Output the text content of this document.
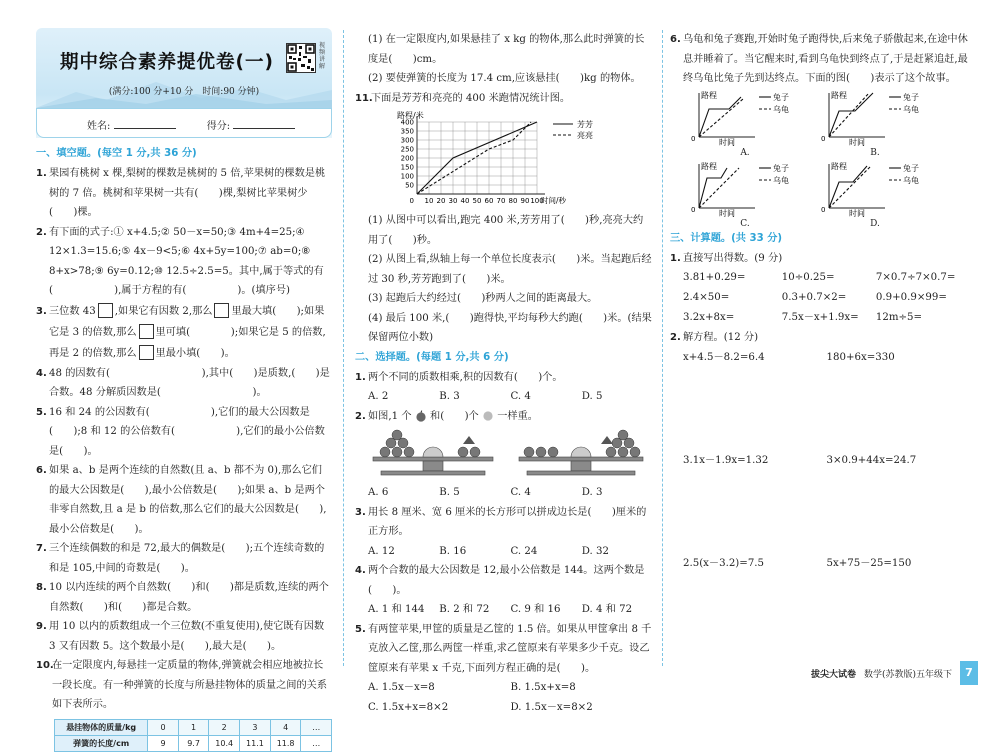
期中综合素养提优卷(一)
视频讲解
(满分:100 分+10 分　时间:90 分钟)
姓名:	得分:
一、填空题。(每空 1 分,共 36 分)
1. 果园有桃树 x 棵,梨树的棵数是桃树的 5 倍,苹果树的棵数是桃树的 7 倍。桃树和苹果树一共有(　　)棵,梨树比苹果树少(　　)棵。
2. 有下面的式子:① x+4.5;② 50－x=50;③ 4m+4=25;④ 12×1.3=15.6;⑤ 4x－9<5;⑥ 4x+5y=100;⑦ ab=0;⑧ 8+x>78;⑨ 6y=0.12;⑩ 12.5÷2.5=5。其中,属于等式的有(　　　　　　),属于方程的有(　　　　　)。(填序号)
3. 三位数 43 ,如果它有因数 2,那么 里最大填(　　);如果它是 3 的倍数,那么 里可填(　　　　);如果它是 5 的倍数,再是 2 的倍数,那么 里最小填(　　)。
4. 48 的因数有(　　　　　　　　　),其中(　　)是质数,(　　)是合数。48 分解质因数是(　　　　　　　　　)。
5. 16 和 24 的公因数有(　　　　　　),它们的最大公因数是(　　);8 和 12 的公倍数有(　　　　　　),它们的最小公倍数是(　　)。
6. 如果 a、b 是两个连续的自然数(且 a、b 都不为 0),那么它们的最大公因数是(　　),最小公倍数是(　　);如果 a、b 是两个非零自然数,且 a 是 b 的倍数,那么它们的最大公因数是(　　),最小公倍数是(　　)。
7. 三个连续偶数的和是 72,最大的偶数是(　　);五个连续奇数的和是 105,中间的奇数是(　　)。
8. 10 以内连续的两个自然数(　　)和(　　)都是质数,连续的两个自然数(　　)和(　　)都是合数。
9. 用 10 以内的质数组成一个三位数(不重复使用),使它既有因数 3 又有因数 5。这个数最小是(　　),最大是(　　)。
10.
在一定限度内,每悬挂一定质量的物体,弹簧就会相应地被拉长一段长度。有一种弹簧的长度与所悬挂物体的质量之间的关系如下表所示。
悬挂物体的质量/kg	0	1	2	3	4	…
弹簧的长度/cm	9	9.7	10.4	11.1	11.8	…
(1) 在一定限度内,如果悬挂了 x kg 的物体,那么此时弹簧的长度是(　　)cm。
(2) 要使弹簧的长度为 17.4 cm,应该悬挂(　　)kg 的物体。
11.
下面是芳芳和亮亮的 400 米跑情况统计图。
10 20 30 40 50 60 70 80 90 100
50
100
150
200
250
300
350
400
0
路程/米
时间/秒
芳芳
亮亮
(1) 从图中可以看出,跑完 400 米,芳芳用了(　　)秒,亮亮大约用了(　　)秒。
(2) 从图上看,纵轴上每一个单位长度表示(　　)米。当起跑后经过 30 秒,芳芳跑到了(　　)米。
(3) 起跑后大约经过(　　)秒两人之间的距离最大。
(4) 最后 100 米,(　　)跑得快,平均每秒大约跑(　　)米。(结果保留两位小数)
二、选择题。(每题 1 分,共 6 分)
1. 两个不同的质数相乘,积的因数有(　　)个。
A. 2	B. 3	C. 4	D. 5
2. 如图,1 个 和(　　)个 一样重。
A. 6	B. 5	C. 4	D. 3
3. 用长 8 厘米、宽 6 厘米的长方形可以拼成边长是(　　)厘米的正方形。
A. 12	B. 16	C. 24	D. 32
4. 两个合数的最大公因数是 12,最小公倍数是 144。这两个数是(　　)。
A. 1 和 144	B. 2 和 72	C. 9 和 16	D. 4 和 72
5. 有两筐苹果,甲筐的质量是乙筐的 1.5 倍。如果从甲筐拿出 8 千克放入乙筐,那么两筐一样重,求乙筐原来有苹果多少千克。设乙筐原来有苹果 x 千克,下面列方程正确的是(　　)。
A. 1.5x－x=8	B. 1.5x+x=8
C. 1.5x+x=8×2	D. 1.5x－x=8×2
6. 乌龟和兔子赛跑,开始时兔子跑得快,后来兔子骄傲起来,在途中休息并睡着了。当它醒来时,看到乌龟快到终点了,于是赶紧追赶,最终乌龟比兔子先到达终点。下面的图(　　)表示了这个故事。
路程
时间
0
兔子
乌龟
A.
路程
时间
0
兔子
乌龟
B.
路程
时间
0
兔子
乌龟
C.
路程
时间
0
兔子
乌龟
D.
三、计算题。(共 33 分)
1. 直接写出得数。(9 分)
3.81+0.29=	10÷0.25=	7×0.7÷7×0.7=
2.4×50=	0.3+0.7×2=	0.9+0.9×99=
3.2x+8x=	7.5x－x+1.9x=	12m÷5=
2. 解方程。(12 分)
x+4.5－8.2=6.4	180+6x=330
3.1x－1.9x=1.32	3×0.9+44x=24.7
2.5(x－3.2)=7.5	5x+75－25=150
拔尖大试卷 数学(苏教版)五年级下	7
